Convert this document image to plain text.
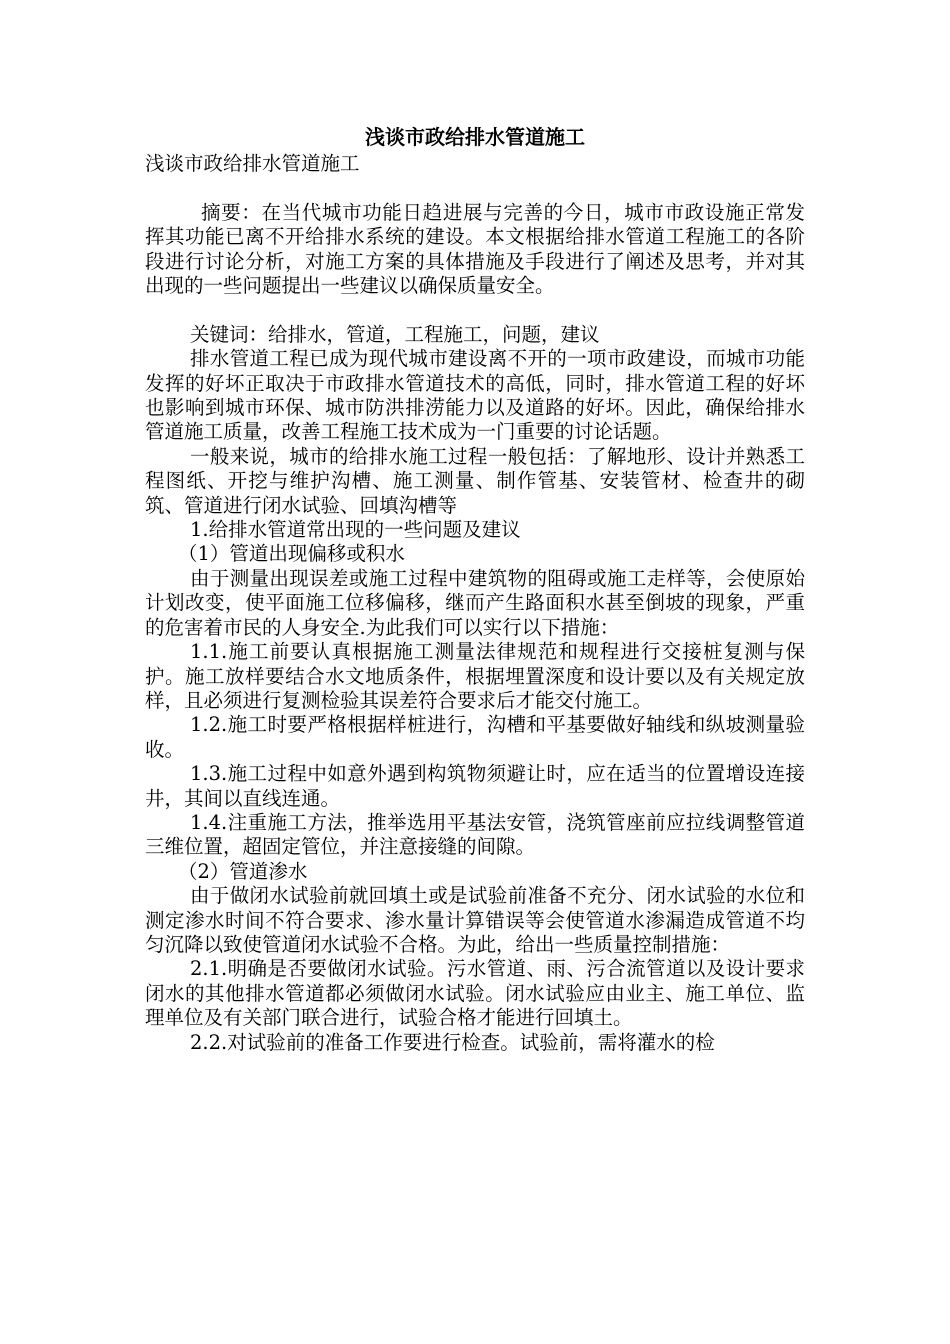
浅谈市政给排水管道施工

浅谈市政给排水管道施工

摘要：在当代城市功能日趋进展与完善的今日，城市市政设施正常发挥其功能已离不开给排水系统的建设。本文根据给排水管道工程施工的各阶段进行讨论分析，对施工方案的具体措施及手段进行了阐述及思考，并对其出现的一些问题提出一些建议以确保质量安全。

关键词：给排水，管道，工程施工，问题，建议

排水管道工程已成为现代城市建设离不开的一项市政建设，而城市功能发挥的好坏正取决于市政排水管道技术的高低，同时，排水管道工程的好坏也影响到城市环保、城市防洪排涝能力以及道路的好坏。因此，确保给排水管道施工质量，改善工程施工技术成为一门重要的讨论话题。

一般来说，城市的给排水施工过程一般包括：了解地形、设计并熟悉工程图纸、开挖与维护沟槽、施工测量、制作管基、安装管材、检查井的砌筑、管道进行闭水试验、回填沟槽等

1.给排水管道常出现的一些问题及建议

（1）管道出现偏移或积水

由于测量出现误差或施工过程中建筑物的阻碍或施工走样等，会使原始计划改变，使平面施工位移偏移，继而产生路面积水甚至倒坡的现象，严重的危害着市民的人身安全.为此我们可以实行以下措施：

1.1.施工前要认真根据施工测量法律规范和规程进行交接桩复测与保护。施工放样要结合水文地质条件，根据埋置深度和设计要以及有关规定放样，且必须进行复测检验其误差符合要求后才能交付施工。

1.2.施工时要严格根据样桩进行，沟槽和平基要做好轴线和纵坡测量验收。

1.3.施工过程中如意外遇到构筑物须避让时，应在适当的位置增设连接井，其间以直线连通。

1.4.注重施工方法，推举选用平基法安管，浇筑管座前应拉线调整管道三维位置，超固定管位，并注意接缝的间隙。

（2）管道渗水

由于做闭水试验前就回填土或是试验前准备不充分、闭水试验的水位和测定渗水时间不符合要求、渗水量计算错误等会使管道水渗漏造成管道不均匀沉降以致使管道闭水试验不合格。为此，给出一些质量控制措施：

2.1.明确是否要做闭水试验。污水管道、雨、污合流管道以及设计要求闭水的其他排水管道都必须做闭水试验。闭水试验应由业主、施工单位、监理单位及有关部门联合进行，试验合格才能进行回填土。

2.2.对试验前的准备工作要进行检查。试验前，需将灌水的检
